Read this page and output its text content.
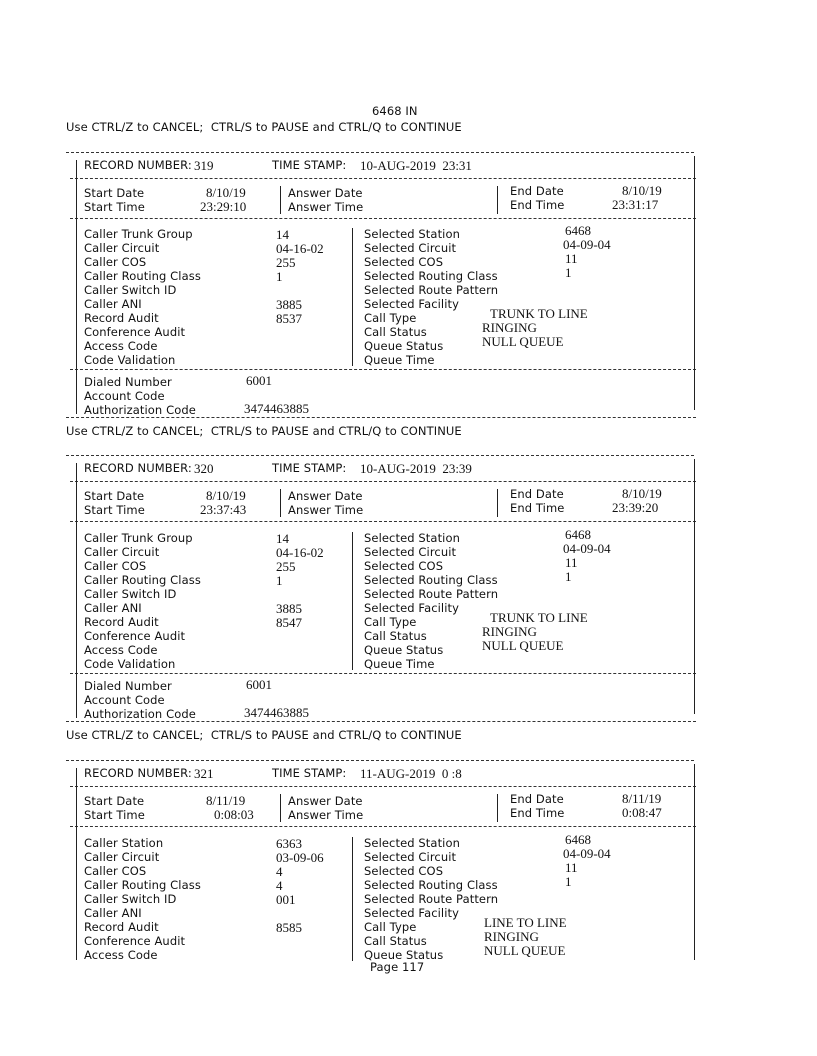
6468 IN
Use CTRL/Z to CANCEL;  CTRL/S to PAUSE and CTRL/Q to CONTINUE
RECORD NUMBER: 319	TIME STAMP: 10-AUG-2019  23:31
Start Date	8/10/19	Answer Date	End Date	8/10/19
Start Time	23:29:10	Answer Time	End Time	23:31:17
Caller Trunk Group	14
Caller Circuit	04-16-02
Caller COS	255
Caller Routing Class	1
Caller Switch ID
Caller ANI	3885
Record Audit	8537
Conference Audit
Access Code
Code Validation
Selected Station	6468
Selected Circuit	04-09-04
Selected COS	11
Selected Routing Class	1
Selected Route Pattern
Selected Facility
Call Type	TRUNK TO LINE
Call Status	RINGING
Queue Status	NULL QUEUE
Queue Time
Dialed Number	6001
Account Code
Authorization Code	3474463885
Use CTRL/Z to CANCEL;  CTRL/S to PAUSE and CTRL/Q to CONTINUE
RECORD NUMBER: 320	TIME STAMP: 10-AUG-2019  23:39
Start Date	8/10/19	Answer Date	End Date	8/10/19
Start Time	23:37:43	Answer Time	End Time	23:39:20
Caller Trunk Group	14
Caller Circuit	04-16-02
Caller COS	255
Caller Routing Class	1
Caller Switch ID
Caller ANI	3885
Record Audit	8547
Conference Audit
Access Code
Code Validation
Selected Station	6468
Selected Circuit	04-09-04
Selected COS	11
Selected Routing Class	1
Selected Route Pattern
Selected Facility
Call Type	TRUNK TO LINE
Call Status	RINGING
Queue Status	NULL QUEUE
Queue Time
Dialed Number	6001
Account Code
Authorization Code	3474463885
Use CTRL/Z to CANCEL;  CTRL/S to PAUSE and CTRL/Q to CONTINUE
RECORD NUMBER: 321	TIME STAMP: 11-AUG-2019  0 :8
Start Date	8/11/19	Answer Date	End Date	8/11/19
Start Time	0:08:03	Answer Time	End Time	0:08:47
Caller Station	6363
Caller Circuit	03-09-06
Caller COS	4
Caller Routing Class	4
Caller Switch ID	001
Caller ANI
Record Audit	8585
Conference Audit
Access Code
Selected Station	6468
Selected Circuit	04-09-04
Selected COS	11
Selected Routing Class	1
Selected Route Pattern
Selected Facility
Call Type	LINE TO LINE
Call Status	RINGING
Queue Status	NULL QUEUE
Page 117
